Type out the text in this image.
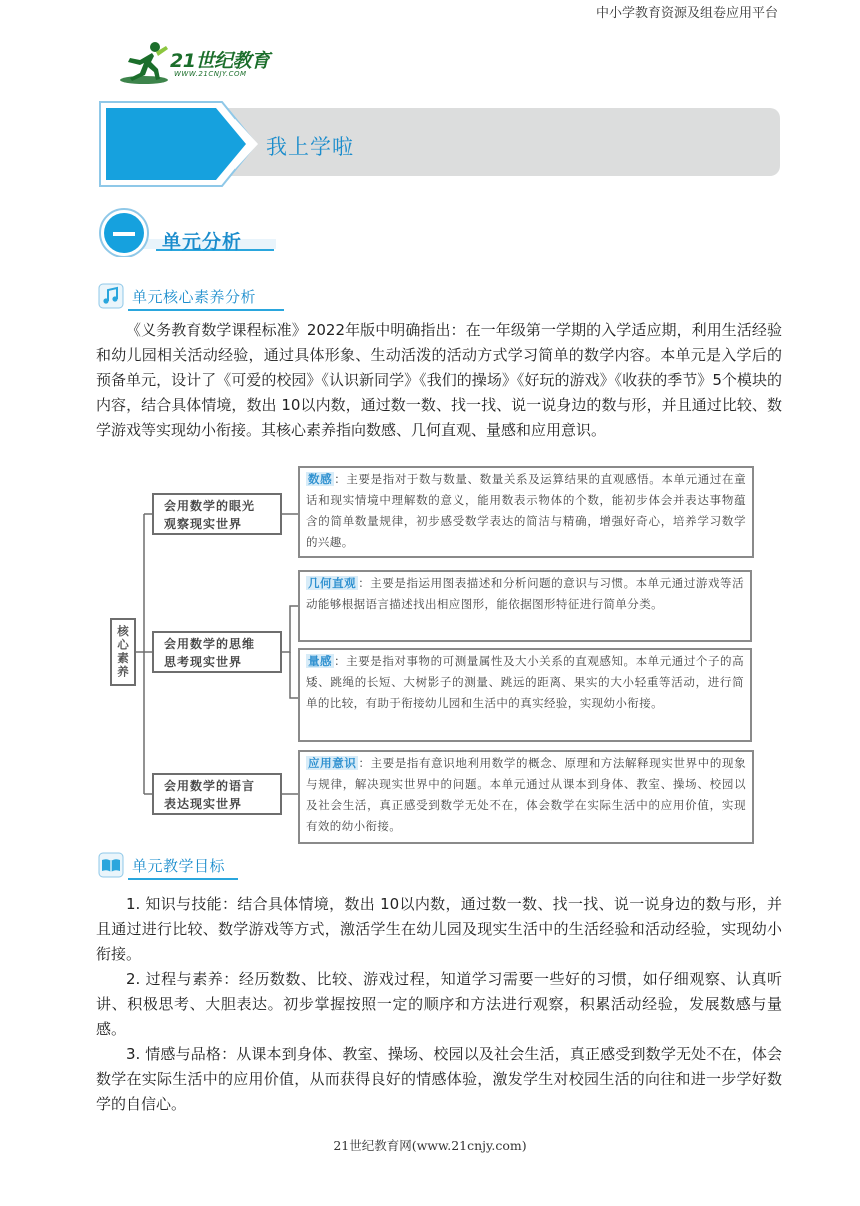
中小学教育资源及组卷应用平台
21世纪教育
WWW.21CNJY.COM
我上学啦
单元分析
单元核心素养分析
《义务教育数学课程标准》2022年版中明确指出：在一年级第一学期的入学适应期，利用生活经验和幼儿园相关活动经验，通过具体形象、生动活泼的活动方式学习简单的数学内容。本单元是入学后的预备单元，设计了《可爱的校园》《认识新同学》《我们的操场》《好玩的游戏》《收获的季节》5个模块的内容，结合具体情境，数出 10以内数，通过数一数、找一找、说一说身边的数与形，并且通过比较、数学游戏等实现幼小衔接。其核心素养指向数感、几何直观、量感和应用意识。
核心素养
会用数学的眼光
观察现实世界
会用数学的思维
思考现实世界
会用数学的语言
表达现实世界
数感 ：主要是指对于数与数量、数量关系及运算结果的直观感悟。本单元通过在童话和现实情境中理解数的意义，能用数表示物体的个数，能初步体会并表达事物蕴含的简单数量规律，初步感受数学表达的简洁与精确，增强好奇心，培养学习数学的兴趣。
几何直观 ：主要是指运用图表描述和分析问题的意识与习惯。本单元通过游戏等活动能够根据语言描述找出相应图形，能依据图形特征进行简单分类。
量感 ：主要是指对事物的可测量属性及大小关系的直观感知。本单元通过个子的高矮、跳绳的长短、大树影子的测量、跳远的距离、果实的大小轻重等活动，进行简单的比较，有助于衔接幼儿园和生活中的真实经验，实现幼小衔接。
应用意识 ：主要是指有意识地利用数学的概念、原理和方法解释现实世界中的现象与规律，解决现实世界中的问题。本单元通过从课本到身体、教室、操场、校园以及社会生活，真正感受到数学无处不在，体会数学在实际生活中的应用价值，实现有效的幼小衔接。
单元教学目标
1. 知识与技能：结合具体情境，数出 10以内数，通过数一数、找一找、说一说身边的数与形，并且通过进行比较、数学游戏等方式，激活学生在幼儿园及现实生活中的生活经验和活动经验，实现幼小衔接。
2. 过程与素养：经历数数、比较、游戏过程，知道学习需要一些好的习惯，如仔细观察、认真听讲、积极思考、大胆表达。初步掌握按照一定的顺序和方法进行观察，积累活动经验，发展数感与量感。
3. 情感与品格：从课本到身体、教室、操场、校园以及社会生活，真正感受到数学无处不在，体会数学在实际生活中的应用价值，从而获得良好的情感体验，激发学生对校园生活的向往和进一步学好数学的自信心。
21世纪教育网(www.21cnjy.com)
